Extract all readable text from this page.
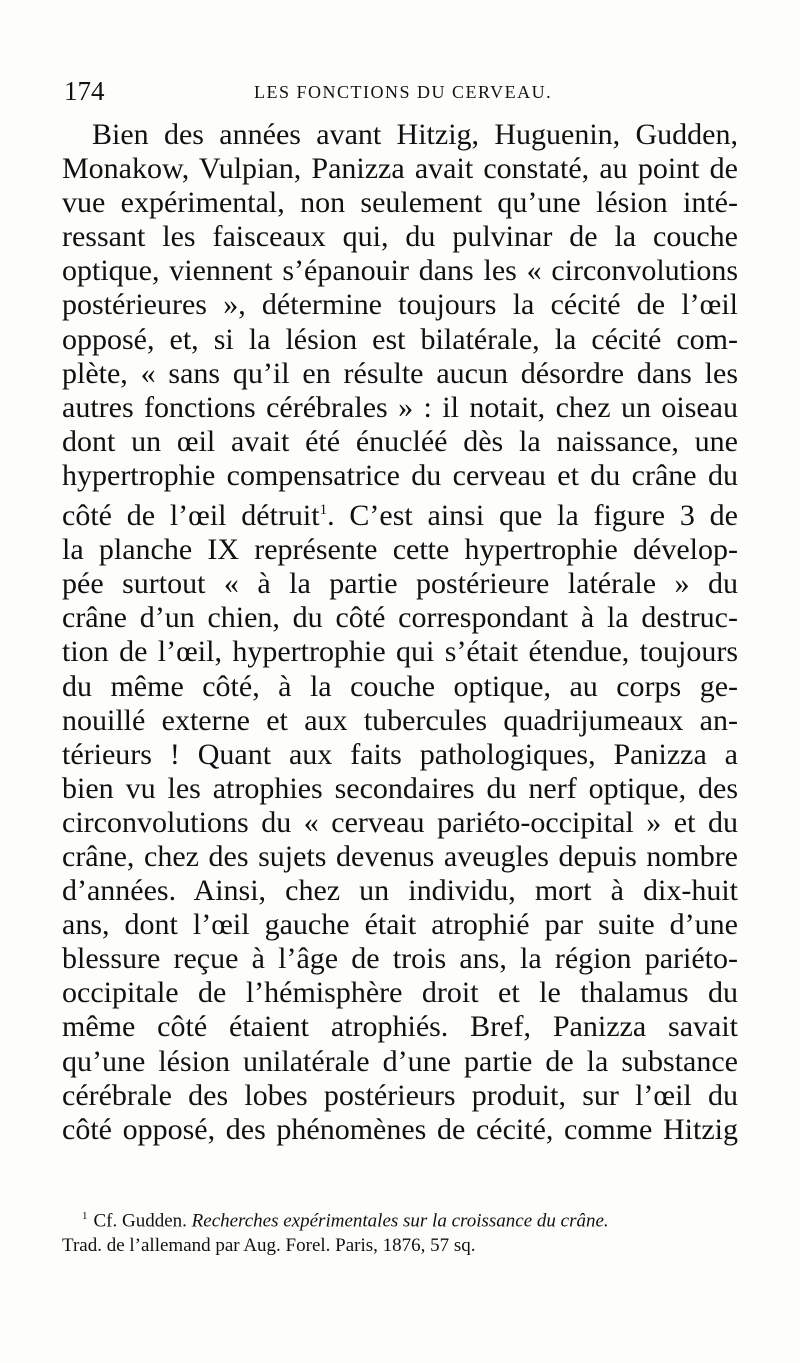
174	LES FONCTIONS DU CERVEAU.
Bien des années avant Hitzig, Huguenin, Gudden,
Monakow, Vulpian, Panizza avait constaté, au point de
vue expérimental, non seulement qu’une lésion inté-
ressant les faisceaux qui, du pulvinar de la couche
optique, viennent s’épanouir dans les « circonvolutions
postérieures », détermine toujours la cécité de l’œil
opposé, et, si la lésion est bilatérale, la cécité com-
plète, « sans qu’il en résulte aucun désordre dans les
autres fonctions cérébrales » : il notait, chez un oiseau
dont un œil avait été énucléé dès la naissance, une
hypertrophie compensatrice du cerveau et du crâne du
côté de l’œil détruit$^1$. C’est ainsi que la figure 3 de
la planche IX représente cette hypertrophie dévelop-
pée surtout « à la partie postérieure latérale » du
crâne d’un chien, du côté correspondant à la destruc-
tion de l’œil, hypertrophie qui s’était étendue, toujours
du même côté, à la couche optique, au corps ge-
nouillé externe et aux tubercules quadrijumeaux an-
térieurs ! Quant aux faits pathologiques, Panizza a
bien vu les atrophies secondaires du nerf optique, des
circonvolutions du « cerveau pariéto-occipital » et du
crâne, chez des sujets devenus aveugles depuis nombre
d’années. Ainsi, chez un individu, mort à dix-huit
ans, dont l’œil gauche était atrophié par suite d’une
blessure reçue à l’âge de trois ans, la région pariéto-
occipitale de l’hémisphère droit et le thalamus du
même côté étaient atrophiés. Bref, Panizza savait
qu’une lésion unilatérale d’une partie de la substance
cérébrale des lobes postérieurs produit, sur l’œil du
côté opposé, des phénomènes de cécité, comme Hitzig
$^1$ Cf. Gudden. Recherches expérimentales sur la croissance du crâne.
Trad. de l’allemand par Aug. Forel. Paris, 1876, 57 sq.
